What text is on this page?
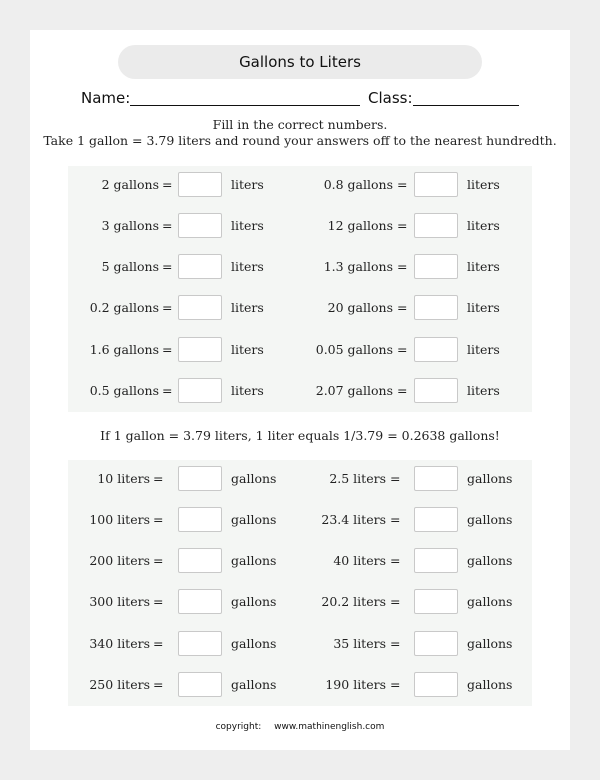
Gallons to Liters
Name:	Class:
Fill in the correct numbers.
Take 1 gallon = 3.79 liters and round your answers off to the nearest hundredth.
2 gallons =	liters	0.8 gallons =	liters
3 gallons =	liters	12 gallons =	liters
5 gallons =	liters	1.3 gallons =	liters
0.2 gallons =	liters	20 gallons =	liters
1.6 gallons =	liters	0.05 gallons =	liters
0.5 gallons =	liters	2.07 gallons =	liters
If 1 gallon = 3.79 liters, 1 liter equals 1/3.79 = 0.2638 gallons!
10 liters =	gallons	2.5 liters =	gallons
100 liters =	gallons	23.4 liters =	gallons
200 liters =	gallons	40 liters =	gallons
300 liters =	gallons	20.2 liters =	gallons
340 liters =	gallons	35 liters =	gallons
250 liters =	gallons	190 liters =	gallons
copyright: www.mathinenglish.com
